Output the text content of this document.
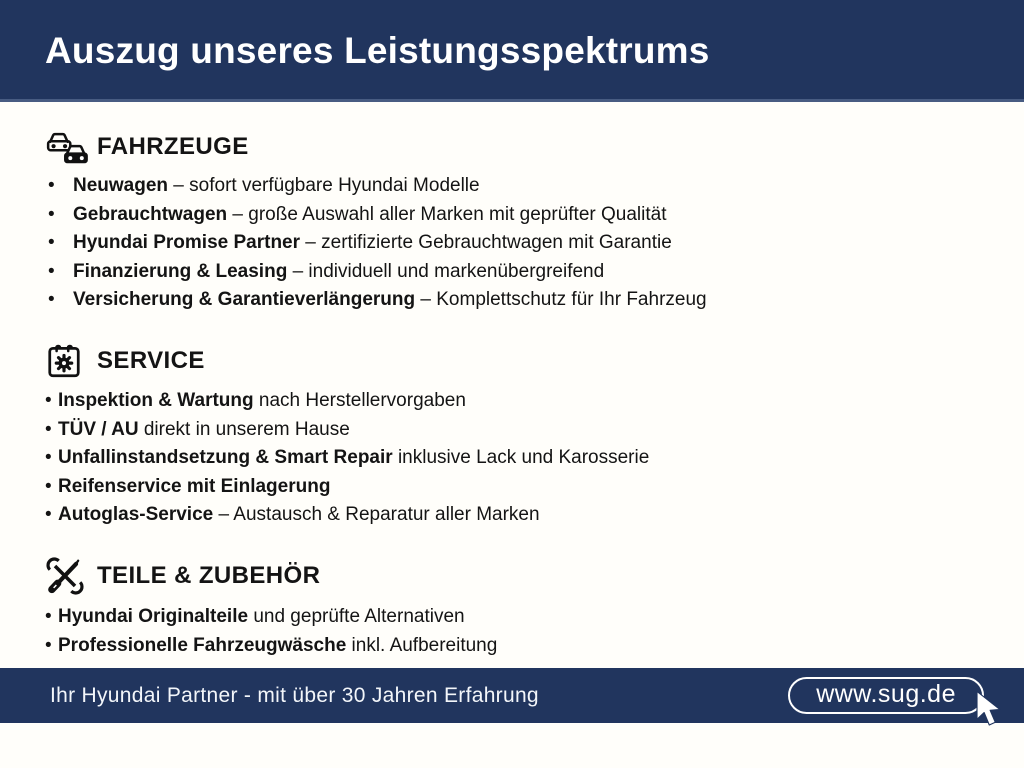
Auszug unseres Leistungsspektrums
FAHRZEUGE
• Neuwagen – sofort verfügbare Hyundai Modelle
• Gebrauchtwagen – große Auswahl aller Marken mit geprüfter Qualität
• Hyundai Promise Partner – zertifizierte Gebrauchtwagen mit Garantie
• Finanzierung & Leasing – individuell und markenübergreifend
• Versicherung & Garantieverlängerung – Komplettschutz für Ihr Fahrzeug
SERVICE
• Inspektion & Wartung nach Herstellervorgaben
• TÜV / AU direkt in unserem Hause
• Unfallinstandsetzung & Smart Repair inklusive Lack und Karosserie
• Reifenservice mit Einlagerung
• Autoglas-Service – Austausch & Reparatur aller Marken
TEILE & ZUBEHÖR
• Hyundai Originalteile und geprüfte Alternativen
• Professionelle Fahrzeugwäsche inkl. Aufbereitung
Ihr Hyundai Partner - mit über 30 Jahren Erfahrung	www.sug.de
